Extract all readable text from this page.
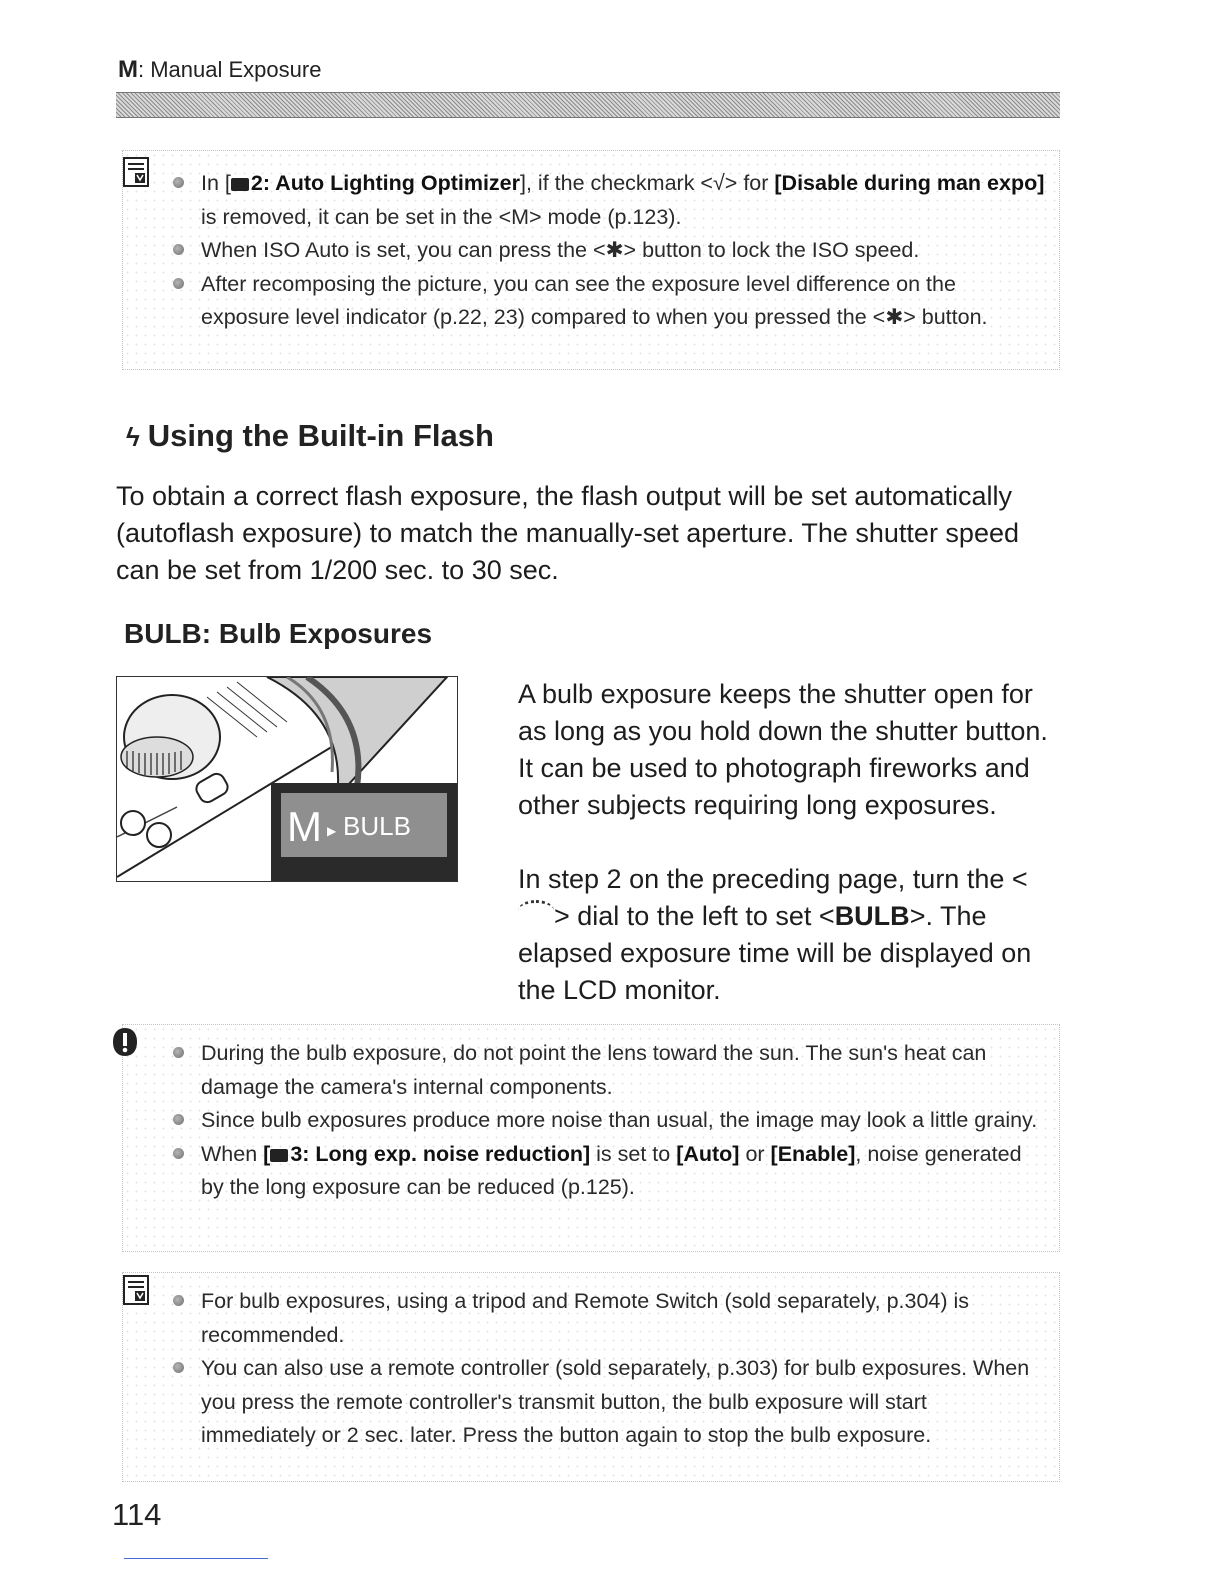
M: Manual Exposure
In [ 2: Auto Lighting Optimizer], if the checkmark <√> for [Disable during man expo] is removed, it can be set in the <M> mode (p.123).
When ISO Auto is set, you can press the <✱> button to lock the ISO speed.
After recomposing the picture, you can see the exposure level difference on the exposure level indicator (p.22, 23) compared to when you pressed the <✱> button.
ϟ Using the Built-in Flash
To obtain a correct flash exposure, the flash output will be set automatically (autoflash exposure) to match the manually-set aperture. The shutter speed can be set from 1/200 sec. to 30 sec.
BULB: Bulb Exposures
M ▶ BULB
A bulb exposure keeps the shutter open for as long as you hold down the shutter button. It can be used to photograph fireworks and other subjects requiring long exposures.
In step 2 on the preceding page, turn the <> dial to the left to set <BULB>. The elapsed exposure time will be displayed on the LCD monitor.
During the bulb exposure, do not point the lens toward the sun. The sun's heat can damage the camera's internal components.
Since bulb exposures produce more noise than usual, the image may look a little grainy.
When [ 3: Long exp. noise reduction] is set to [Auto] or [Enable], noise generated by the long exposure can be reduced (p.125).
For bulb exposures, using a tripod and Remote Switch (sold separately, p.304) is recommended.
You can also use a remote controller (sold separately, p.303) for bulb exposures. When you press the remote controller's transmit button, the bulb exposure will start immediately or 2 sec. later. Press the button again to stop the bulb exposure.
114
